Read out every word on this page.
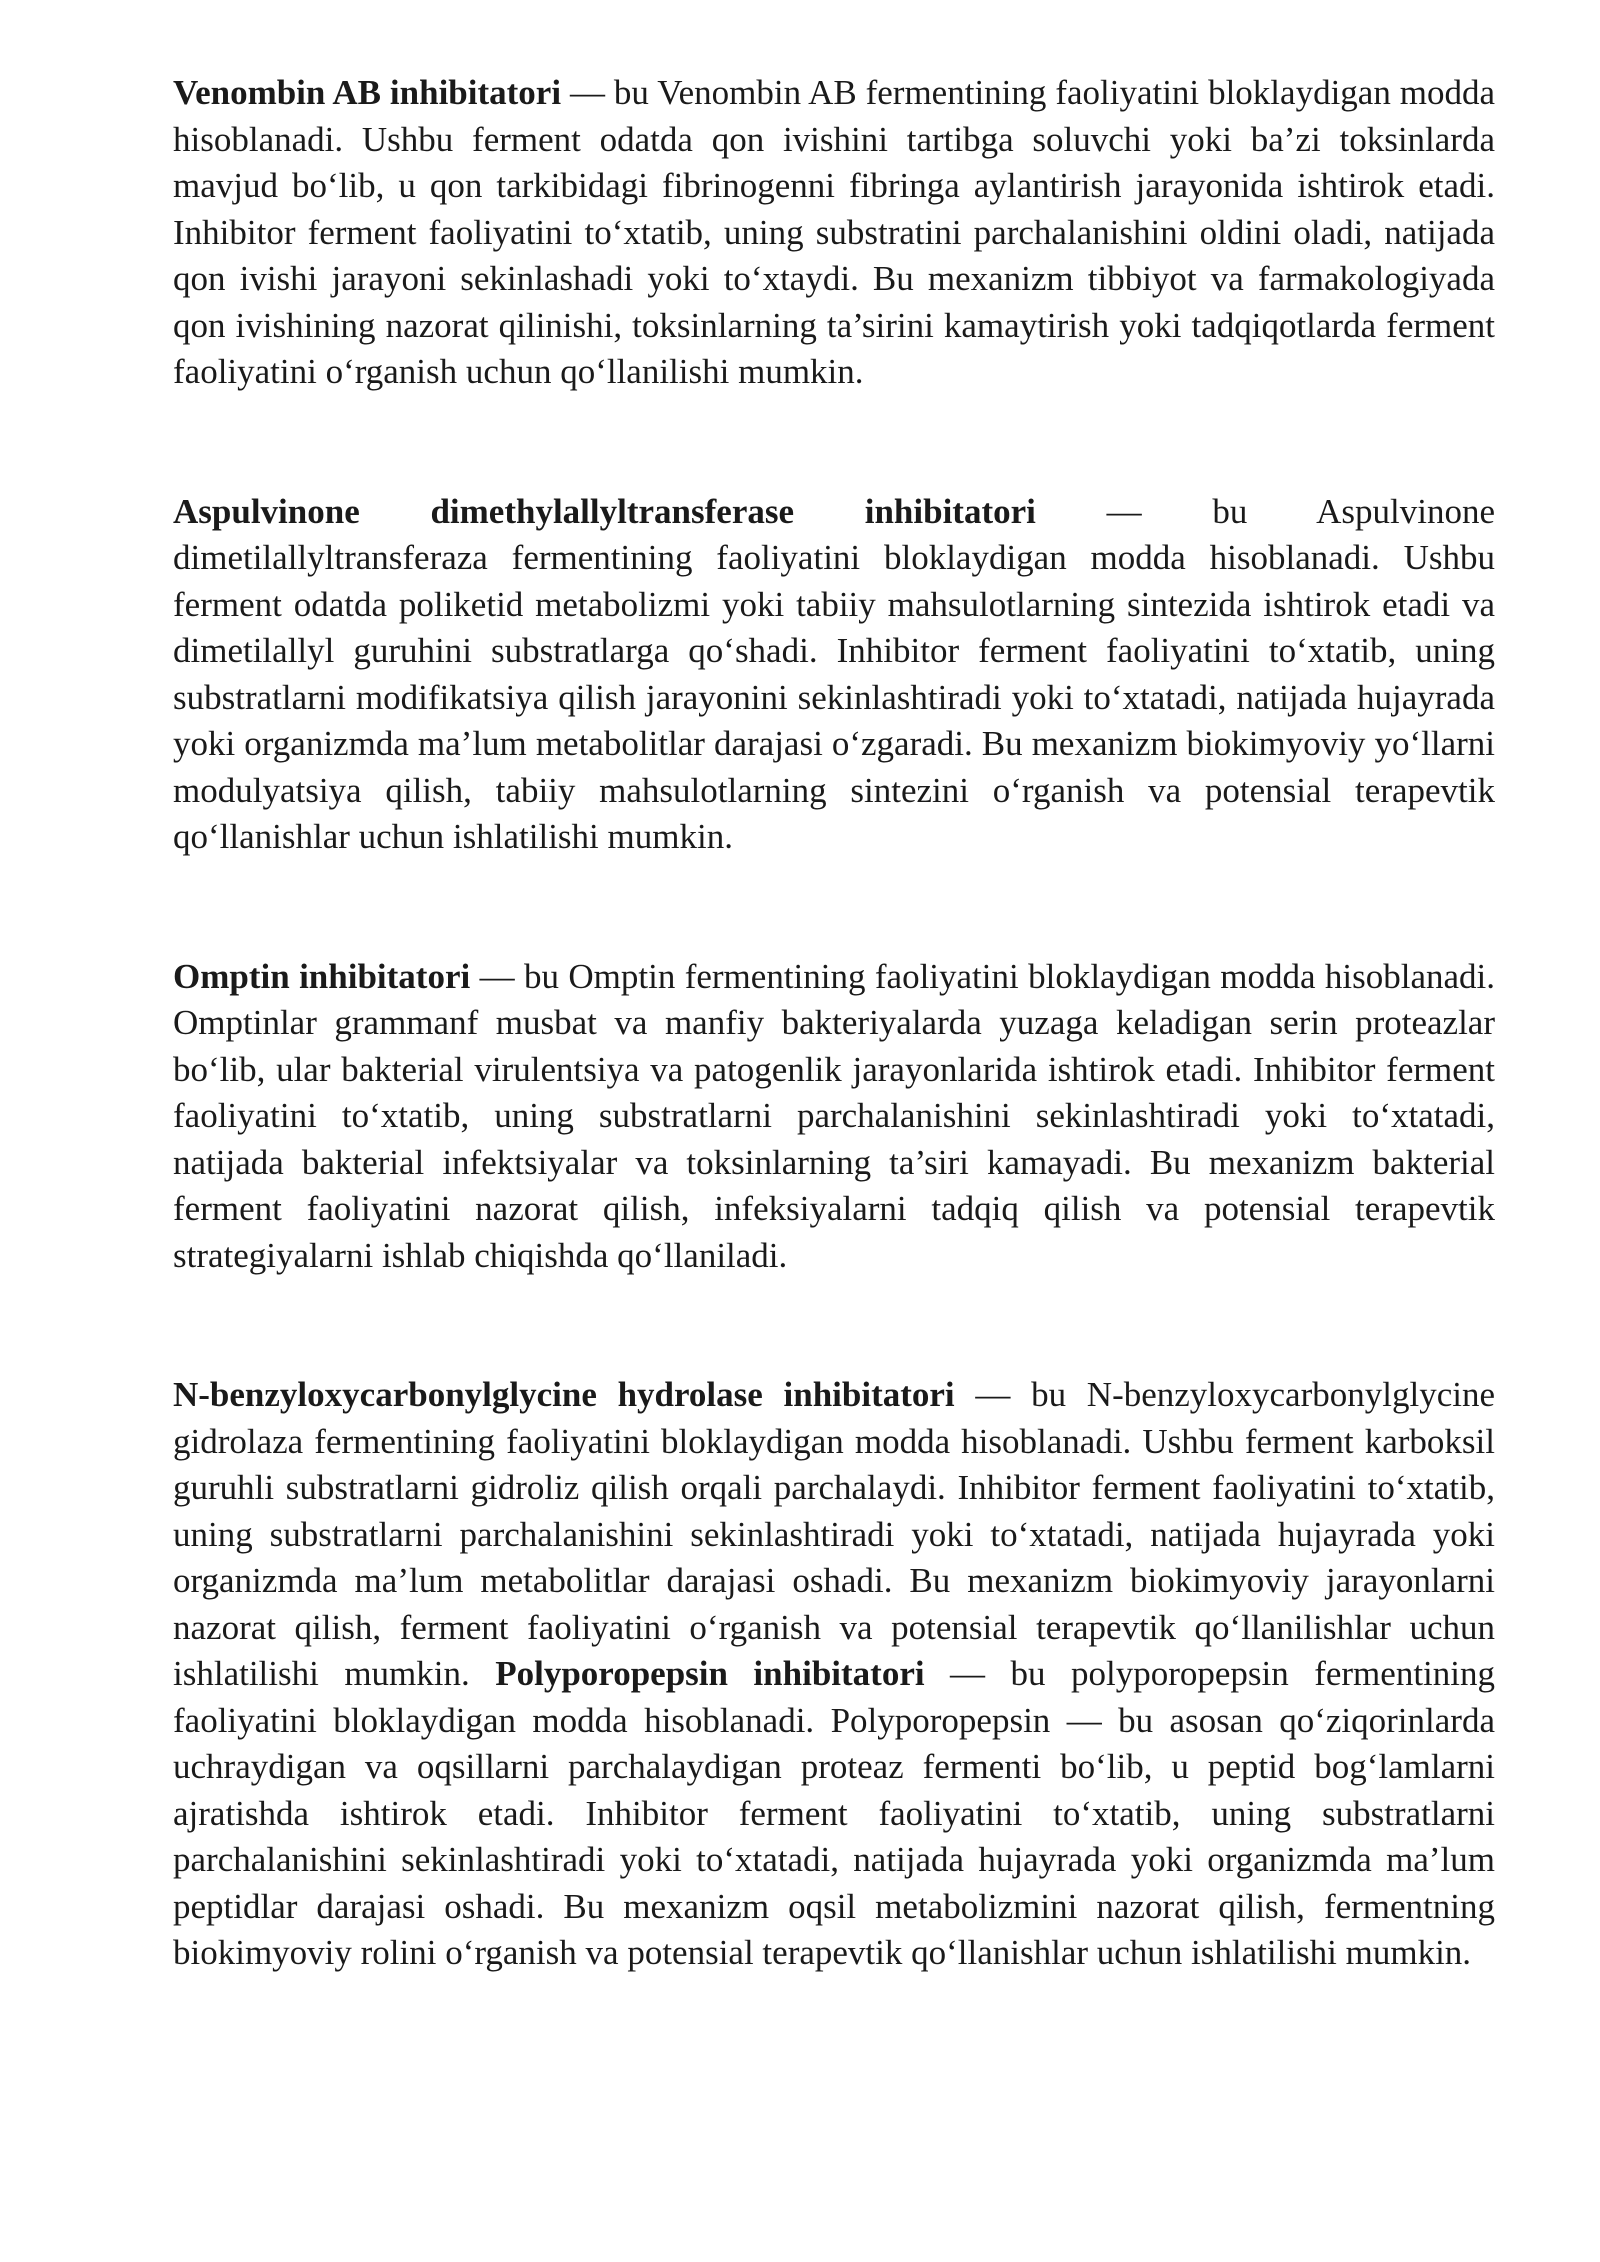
Venombin AB inhibitatori — bu Venombin AB fermentining faoliyatini bloklaydigan modda hisoblanadi. Ushbu ferment odatda qon ivishini tartibga soluvchi yoki ba’zi toksinlarda mavjud bo‘lib, u qon tarkibidagi fibrinogenni fibringa aylantirish jarayonida ishtirok etadi. Inhibitor ferment faoliyatini to‘xtatib, uning substratini parchalanishini oldini oladi, natijada qon ivishi jarayoni sekinlashadi yoki to‘xtaydi. Bu mexanizm tibbiyot va farmakologiyada qon ivishining nazorat qilinishi, toksinlarning ta’sirini kamaytirish yoki tadqiqotlarda ferment faoliyatini o‘rganish uchun qo‘llanilishi mumkin.

Aspulvinone dimethylallyltransferase inhibitatori — bu Aspulvinone dimetilallyltransferaza fermentining faoliyatini bloklaydigan modda hisoblanadi. Ushbu ferment odatda poliketid metabolizmi yoki tabiiy mahsulotlarning sintezida ishtirok etadi va dimetilallyl guruhini substratlarga qo‘shadi. Inhibitor ferment faoliyatini to‘xtatib, uning substratlarni modifikatsiya qilish jarayonini sekinlashtiradi yoki to‘xtatadi, natijada hujayrada yoki organizmda ma’lum metabolitlar darajasi o‘zgaradi. Bu mexanizm biokimyoviy yo‘llarni modulyatsiya qilish, tabiiy mahsulotlarning sintezini o‘rganish va potensial terapevtik qo‘llanishlar uchun ishlatilishi mumkin.

Omptin inhibitatori — bu Omptin fermentining faoliyatini bloklaydigan modda hisoblanadi. Omptinlar grammanf musbat va manfiy bakteriyalarda yuzaga keladigan serin proteazlar bo‘lib, ular bakterial virulentsiya va patogenlik jarayonlarida ishtirok etadi. Inhibitor ferment faoliyatini to‘xtatib, uning substratlarni parchalanishini sekinlashtiradi yoki to‘xtatadi, natijada bakterial infektsiyalar va toksinlarning ta’siri kamayadi. Bu mexanizm bakterial ferment faoliyatini nazorat qilish, infeksiyalarni tadqiq qilish va potensial terapevtik strategiyalarni ishlab chiqishda qo‘llaniladi.

N-benzyloxycarbonylglycine hydrolase inhibitatori — bu N-benzyloxycarbonylglycine gidrolaza fermentining faoliyatini bloklaydigan modda hisoblanadi. Ushbu ferment karboksil guruhli substratlarni gidroliz qilish orqali parchalaydi. Inhibitor ferment faoliyatini to‘xtatib, uning substratlarni parchalanishini sekinlashtiradi yoki to‘xtatadi, natijada hujayrada yoki organizmda ma’lum metabolitlar darajasi oshadi. Bu mexanizm biokimyoviy jarayonlarni nazorat qilish, ferment faoliyatini o‘rganish va potensial terapevtik qo‘llanilishlar uchun ishlatilishi mumkin. Polyporopepsin inhibitatori — bu polyporopepsin fermentining faoliyatini bloklaydigan modda hisoblanadi. Polyporopepsin — bu asosan qo‘ziqorinlarda uchraydigan va oqsillarni parchalaydigan proteaz fermenti bo‘lib, u peptid bog‘lamlarni ajratishda ishtirok etadi. Inhibitor ferment faoliyatini to‘xtatib, uning substratlarni parchalanishini sekinlashtiradi yoki to‘xtatadi, natijada hujayrada yoki organizmda ma’lum peptidlar darajasi oshadi. Bu mexanizm oqsil metabolizmini nazorat qilish, fermentning biokimyoviy rolini o‘rganish va potensial terapevtik qo‘llanishlar uchun ishlatilishi mumkin.
